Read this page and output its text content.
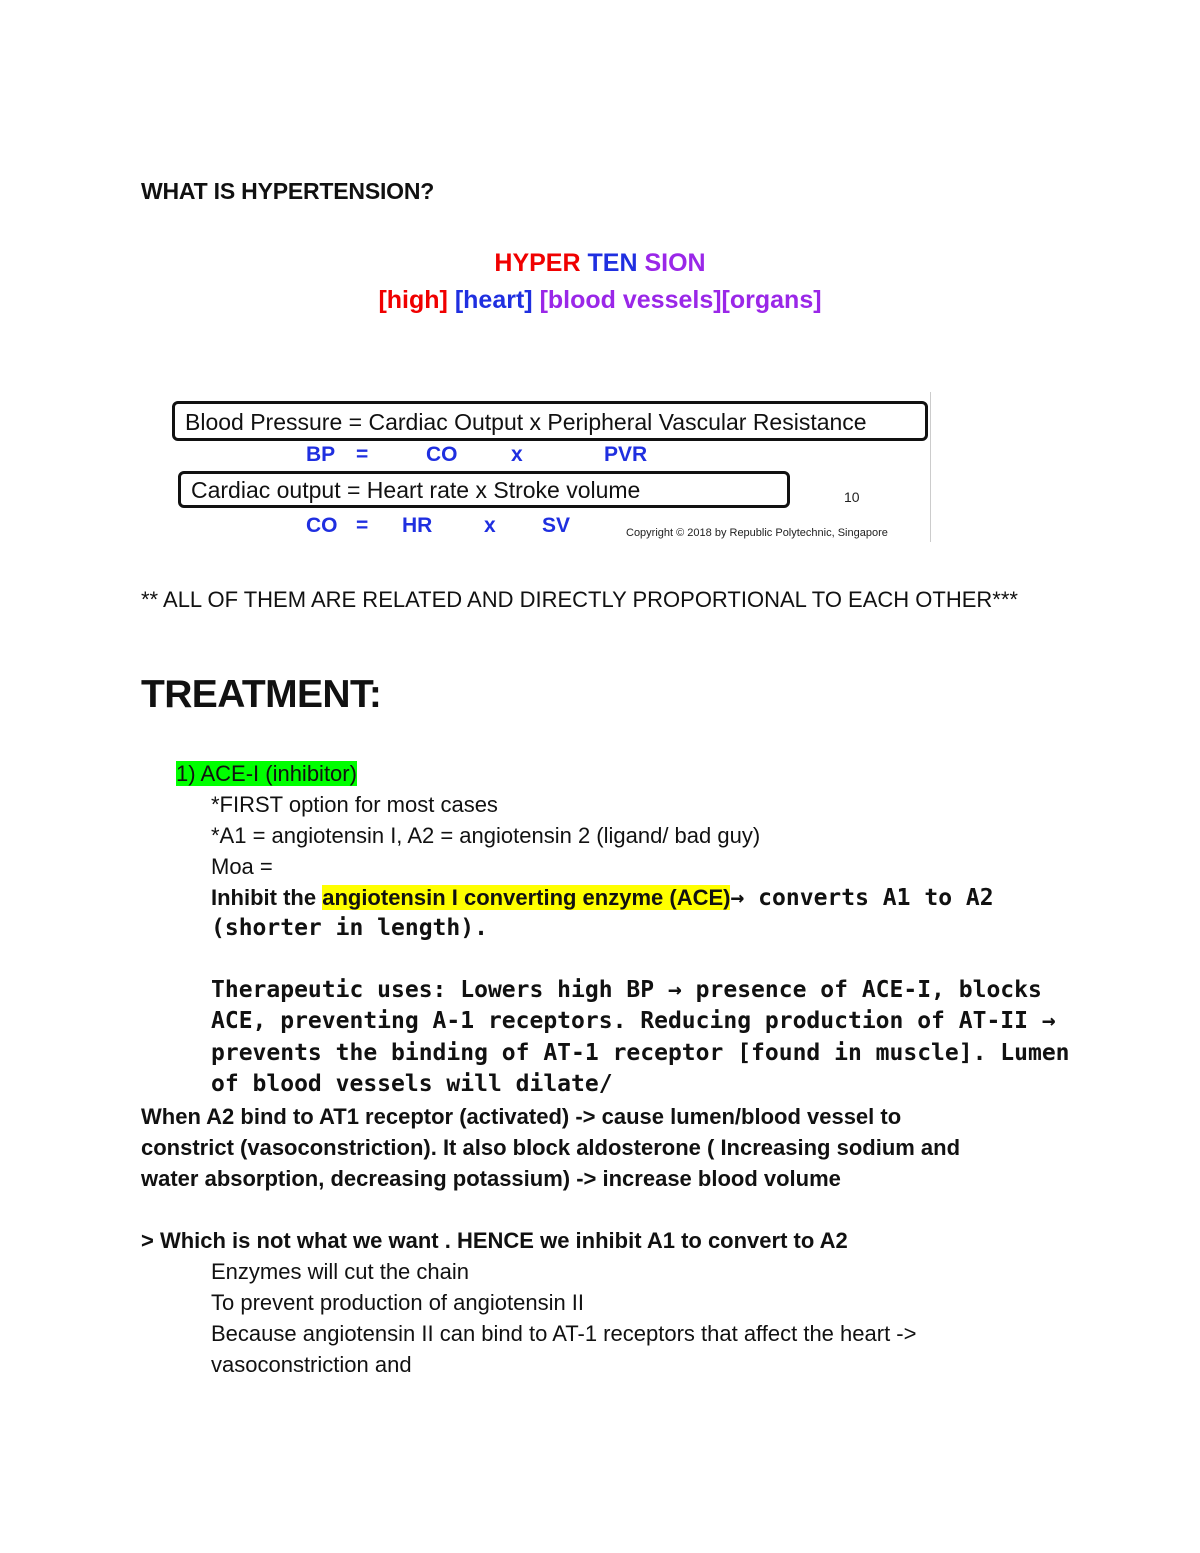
WHAT IS HYPERTENSION?
HYPER TEN SION
[high] [heart] [blood vessels][organs]
Blood Pressure = Cardiac Output x Peripheral Vascular Resistance
BP =	CO	x	PVR
Cardiac output = Heart rate x Stroke volume	10
CO = HR x SV	Copyright © 2018 by Republic Polytechnic, Singapore
** ALL OF THEM ARE RELATED AND DIRECTLY PROPORTIONAL TO EACH OTHER***
TREATMENT:
1) ACE-I (inhibitor)
*FIRST option for most cases
*A1 = angiotensin I, A2 = angiotensin 2 (ligand/ bad guy)
Moa =
Inhibit the angiotensin I converting enzyme (ACE)→ converts A1 to A2
(shorter in length).
Therapeutic uses: Lowers high BP → presence of ACE-I, blocks
ACE, preventing A-1 receptors. Reducing production of AT-II →
prevents the binding of AT-1 receptor [found in muscle]. Lumen
of blood vessels will dilate/
When A2 bind to AT1 receptor (activated) -> cause lumen/blood vessel to
constrict (vasoconstriction). It also block aldosterone ( Increasing sodium and
water absorption, decreasing potassium) -> increase blood volume
> Which is not what we want . HENCE we inhibit A1 to convert to A2
Enzymes will cut the chain
To prevent production of angiotensin II
Because angiotensin II can bind to AT-1 receptors that affect the heart ->
vasoconstriction and
